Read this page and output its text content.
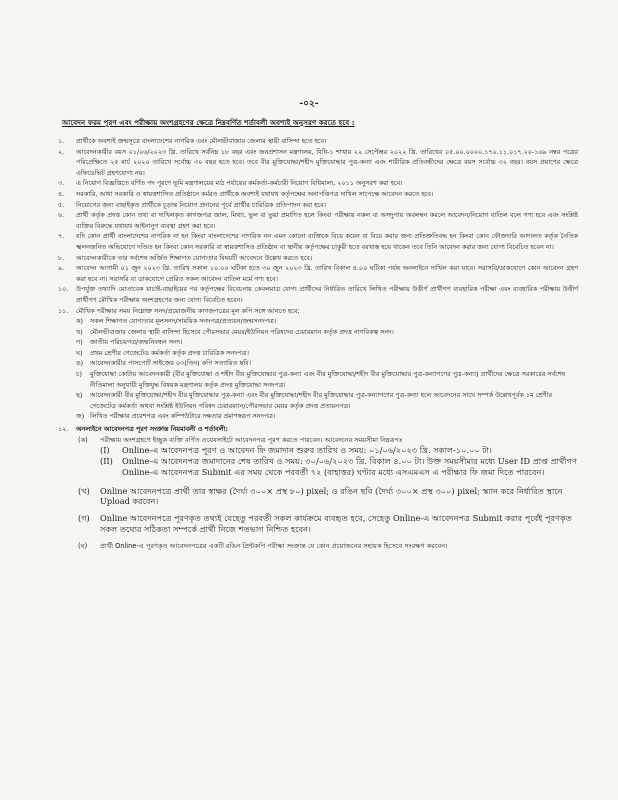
-০২-
আবেদন ফরম পূরণ এবং পরীক্ষায় অংশগ্রহণের ক্ষেত্রে নিম্নবর্ণিত শর্তাবলী অবশ্যই অনুসরণ করতে হবে :
১.	প্রার্থীকে অবশ্যই জন্মসূত্রে বাংলাদেশের নাগরিক এবং মৌলভীবাজার জেলার স্থায়ী বাসিন্দা হতে হবে।
২.	আবেদনকারীর বয়স ০১/০৬/২০২৩ খ্রি. তারিখে সর্বনিম্ন ১৮ বছর এবং জনপ্রশাসন মন্ত্রণালয়, বিধি-১ শাখার ২২ সেপ্টেম্বর ২০২২ খ্রি. তারিখের ০৫.০০.০০০০.১৭০.১১.০১৭.২০-১৬৯ নম্বর পত্রের পরিপ্রেক্ষিতে ২৫ মার্চ ২০২০ তারিখে সর্বোচ্চ ৩০ বছর হতে হবে। তবে বীর মুক্তিযোদ্ধা/শহীদ মুক্তিযোদ্ধার পুত্র-কন্যা এবং শারীরিক প্রতিবন্ধীদের ক্ষেত্রে বয়স সর্বোচ্চ ৩২ বছর। বয়স প্রমাণের ক্ষেত্রে এফিডেভিট গ্রহণযোগ্য নয়।
৩.	এ নিয়োগ বিজ্ঞপ্তিতে বর্ণিত পদ পূরণে ভূমি মন্ত্রণালয়ের মাঠ পর্যায়ের কর্মকর্তা-কর্মচারী নিয়োগ বিধিমালা, ২০১১ অনুসরণ করা হবে।
৪.	সরকারি, আধা সরকারি ও স্বায়ত্তশাসিত প্রতিষ্ঠানে কর্মরত প্রার্থীকে অবশ্যই যথাযথ কর্তৃপক্ষের অনাপত্তিপত্র দাখিল সাপেক্ষে আবেদন করতে হবে।
৫.	নিয়োগের জন্য বাছাইকৃত প্রার্থীকে চূড়ান্ত নিয়োগ প্রদানের পূর্বে প্রার্থীর চারিত্রিক প্রতিপাদন করা হবে।
৬.	প্রার্থী কর্তৃক প্রদত্ত কোন তথ্য বা দাখিলকৃত কাগজপত্র জাল, মিথ্যা, ভুল বা ভুয়া প্রমাণিত হলে কিংবা পরীক্ষায় নকল বা অসদুপায় অবলম্বন করলে আবেদন/নিয়োগ বাতিল বলে গণ্য হবে এবং সংশ্লিষ্ট ব্যক্তির বিরুদ্ধে যথাযথ আইনানুগ ব্যবস্থা গ্রহণ করা হবে।
৭.	যদি কোন প্রার্থী বাংলাদেশের নাগরিক না হন কিংবা বাংলাদেশের নাগরিক নন এমন কোনো ব্যক্তিকে বিয়ে করেন বা বিয়ে করার জন্য প্রতিশ্রুতিবদ্ধ হন কিংবা কোন ফৌজদারি আদালত কর্তৃক নৈতিক স্খলনজনিত অভিযোগে দণ্ডিত হন কিংবা কোন সরকারি বা স্বায়ত্তশাসিত প্রতিষ্ঠান বা স্থানীয় কর্তৃপক্ষের চাকুরী হতে বরখাস্ত হয়ে থাকেন তবে তিনি আবেদন করার জন্য যোগ্য বিবেচিত হবেন না।
৮.	আবেদনকারীকে তার সর্বশেষ অর্জিত শিক্ষাগত যোগ্যতার বিষয়টি আবেদনে উল্লেখ করতে হবে।
৯.	আবেদন আগামী ০১ জুন ২০২৩ খ্রি. তারিখ সকাল ১০.০০ ঘটিকা হতে ৩০ জুন ২০২৩ খ্রি. তারিখ বিকাল ৪.০০ ঘটিকা পর্যন্ত অনলাইনে দাখিল করা যাবে। সরাসরি/ডাকযোগে কোন আবেদন গ্রহণ করা হবে না। সরাসরি বা ডাকযোগে প্রেরিত সকল আবেদন বাতিল মর্মে গণ্য হবে।
১০.	উপর্যুক্ত তথ্যাদি মোতাবেক যাচাই-বাছাইয়ের পর কর্তৃপক্ষের বিবেচনায় কেবলমাত্র যোগ্য প্রার্থীদের নির্ধারিত তারিখে লিখিত পরীক্ষায় উত্তীর্ণ প্রার্থীগণ ব্যবহারিক পরীক্ষা এবং ব্যবহারিক পরীক্ষায় উত্তীর্ণ প্রার্থীগণ মৌখিক পরীক্ষায় অংশগ্রহণের জন্য যোগ্য বিবেচিত হবেন।
১১.	মৌখিক পরীক্ষার সময় নিম্নোক্ত সনদ/প্রয়োজনীয় কাগজপত্রের মূল কপি সঙ্গে আনতে হবে;
ক)	সকল শিক্ষাগত যোগ্যতার মূলসনদ/সাময়িক সনদপত্র/প্রত্যয়ন/জন্মসনদপত্র।
খ)	মৌলভীবাজার জেলার স্থায়ী বাসিন্দা হিসেবে পৌরসভার মেয়র/ইউনিয়ন পরিষদের চেয়ারম্যান কর্তৃক প্রদত্ত নাগরিকত্ব সনদ।
গ)	জাতীয় পরিচয়পত্র/জন্মনিবন্ধন সনদ।
ঘ)	প্রথম শ্রেণীর গেজেটেড কর্মকর্তা কর্তৃক প্রদত্ত চারিত্রিক সনদপত্র।
ঙ)	আবেদনকারীর পাসপোর্ট সাইজের ০৩(তিন) কপি সত্যায়িত ছবি।
চ)	মুক্তিযোদ্ধা কোটায় আবেদনকারী (বীর মুক্তিযোদ্ধা ও শহীদ বীর মুক্তিযোদ্ধার পুত্র-কন্যা এবং বীর মুক্তিযোদ্ধা/শহীদ বীর মুক্তিযোদ্ধার পুত্র-কন্যাগণের পুত্র-কন্যা) প্রার্থীদের ক্ষেত্রে সরকারের সর্বশেষ নীতিমালা অনুযায়ী মুক্তিযুদ্ধ বিষয়ক মন্ত্রণালয় কর্তৃক প্রদত্ত মুক্তিযোদ্ধা সনদপত্র।
ছ)	আবেদনকারী বীর মুক্তিযোদ্ধা/শহীদ বীর মুক্তিযোদ্ধার পুত্র-কন্যা এবং বীর মুক্তিযোদ্ধা/শহীদ বীর মুক্তিযোদ্ধার পুত্র-কন্যাগণের পুত্র-কন্যা হলে আবেদনের সাথে সম্পর্ক উল্লেখপূর্বক ১ম শ্রেণীর গেজেটেড কর্মকর্তা অথবা সংশ্লিষ্ট ইউনিয়ন পরিষদ চেয়ারম্যান/পৌরসভার মেয়র কর্তৃক প্রদত্ত প্রত্যয়নপত্র।
জ) লিখিত পরীক্ষার প্রবেশপত্র এবং কম্পিউটারে দক্ষতার প্রমাণস্বরূপ সনদপত্র।
১২.	অনলাইনে আবেদনপত্র পূরণ সংক্রান্ত নিয়মাবলী ও শর্তাবলী:
(ক)	পরীক্ষায় অংশগ্রহণে ইচ্ছুক ব্যক্তি বর্ণিত ওয়েবসাইটে আবেদনপত্র পূরণ করতে পারবেন। আবেদনের সময়সীমা নিম্নরূপঃ
(I)	Online-এ আবেদনপত্র পূরণ ও আবেদন ফি জমাদান শুরুর তারিখ ও সময়: ০১/০৬/২০২৩ খ্রি. সকাল-১০.০০ টা।
(II)	Online-এ আবেদনপত্র জমাদানের শেষ তারিখ ও সময়: ৩০/০৬/২০২৩ খ্রি. বিকাল ৪.০০ টা। উক্ত সময়সীমার মধ্যে User ID প্রাপ্ত প্রার্থীগণ Online-এ আবেদনপত্র Submit এর সময় থেকে পরবর্তী ৭২ (বাহাত্তর) ঘণ্টার মধ্যে এসএমএস এ পরীক্ষার ফি জমা দিতে পারবেন।
(খ)	Online আবেদনপত্রে প্রার্থী তার স্বাক্ষর (দৈর্ঘ্য ৩০০× প্রস্থ ৮০) pixel; ও রঙিন ছবি (দৈর্ঘ্য ৩০০× প্রস্থ ৩০০) pixel; স্ক্যান করে নির্ধারিত স্থানে Upload করবেন।
(গ)	Online আবেদনপত্রে পূরণকৃত তথ্যই যেহেতু পরবর্তী সকল কার্যক্রমে ব্যবহৃত হবে, সেহেতু Online-এ আবেদনপত্র Submit করার পূর্বেই পূরণকৃত সকল তথ্যের সঠিকতা সম্পর্কে প্রার্থী নিজে শতভাগ নিশ্চিত হবেন।
(ঘ)	প্রার্থী Online-এ পূরণকৃত আবেদনপত্রের একটি রঙিন প্রিন্টকপি পরীক্ষা সংক্রান্ত যে কোন প্রয়োজনের সহায়ক হিসেবে সংরক্ষণ করবেন।
